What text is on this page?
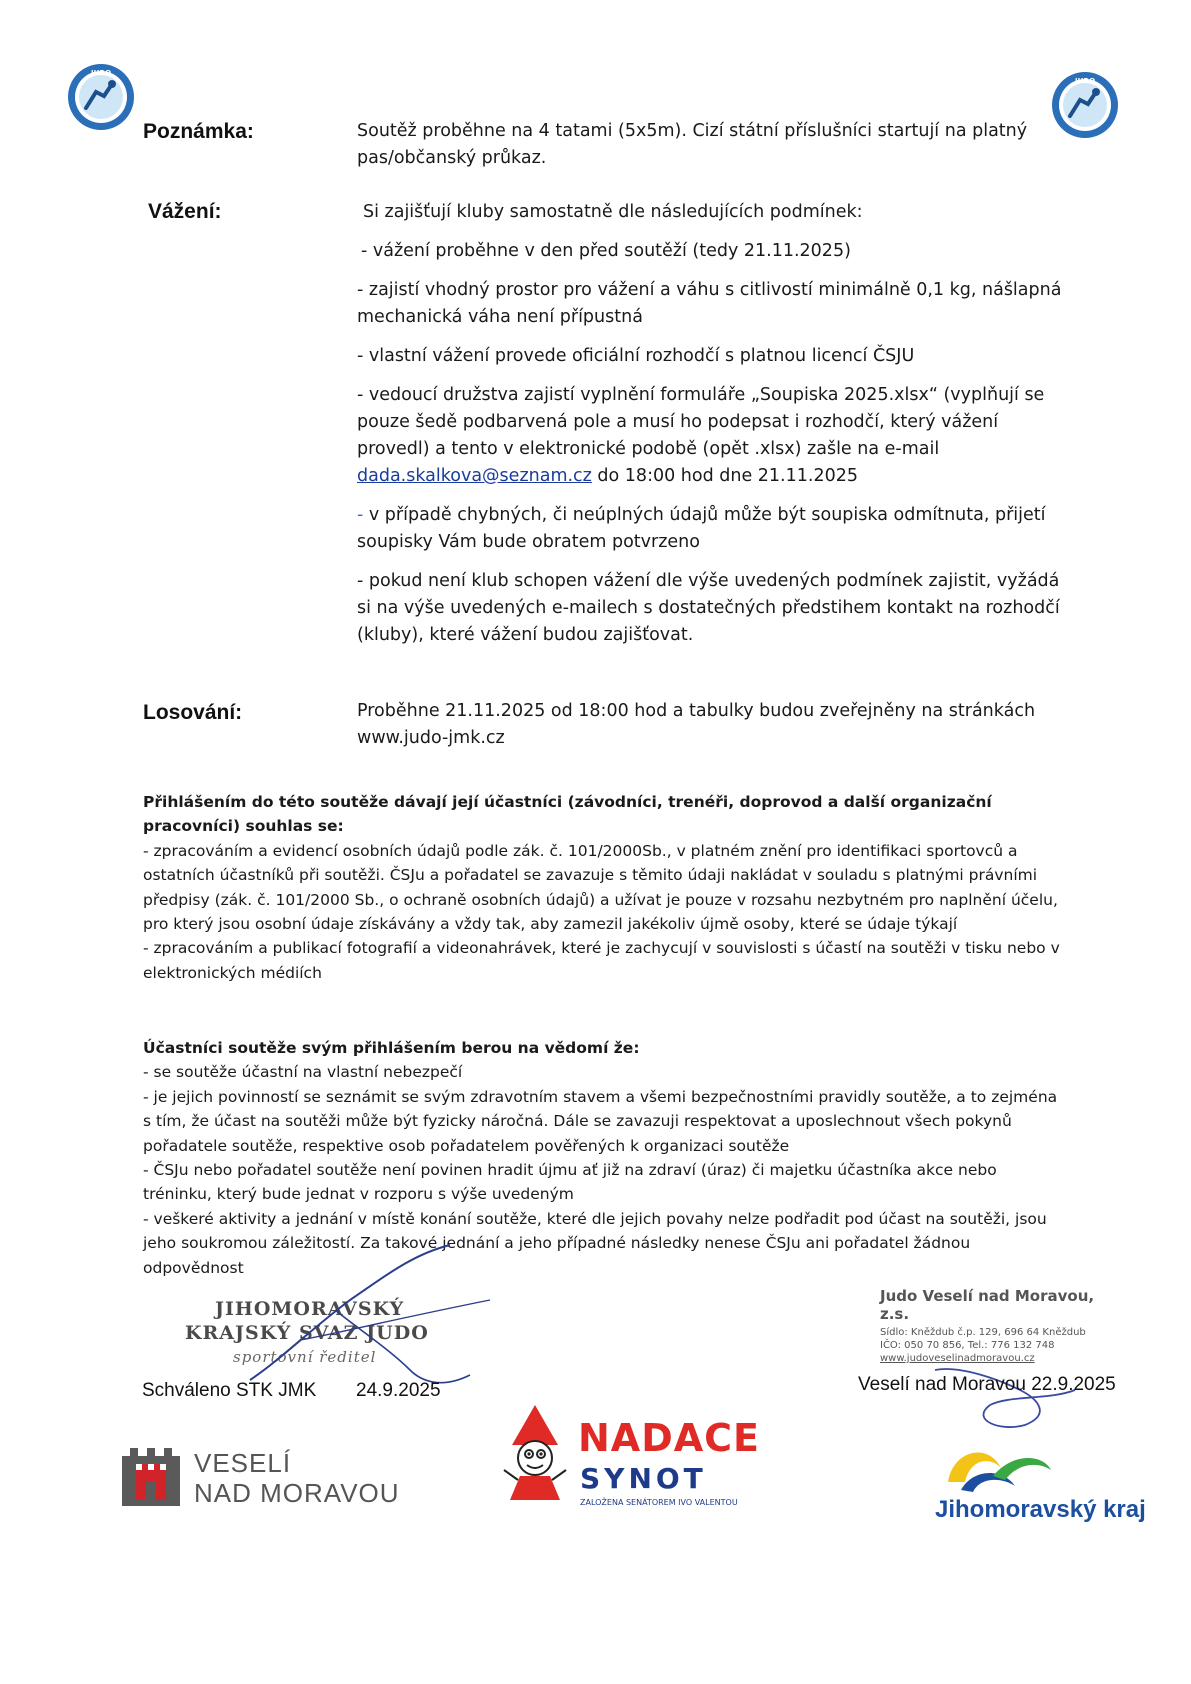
JUDO
JUDO
Poznámka:	Soutěž proběhne na 4 tatami (5x5m). Cizí státní příslušníci startují na platný pas/občanský průkaz.
Vážení:	Si zajišťují kluby samostatně dle následujících podmínek:

- vážení proběhne v den před soutěží (tedy 21.11.2025)

- zajistí vhodný prostor pro vážení a váhu s citlivostí minimálně 0,1 kg, nášlapná mechanická váha není přípustná

- vlastní vážení provede oficiální rozhodčí s platnou licencí ČSJU

- vedoucí družstva zajistí vyplnění formuláře „Soupiska 2025.xlsx“ (vyplňují se pouze šedě podbarvená pole a musí ho podepsat i rozhodčí, který vážení provedl) a tento v elektronické podobě (opět .xlsx) zašle na e-mail dada.skalkova@seznam.cz do 18:00 hod dne 21.11.2025

- v případě chybných, či neúplných údajů může být soupiska odmítnuta, přijetí soupisky Vám bude obratem potvrzeno

- pokud není klub schopen vážení dle výše uvedených podmínek zajistit, vyžádá si na výše uvedených e-mailech s dostatečných předstihem kontakt na rozhodčí (kluby), které vážení budou zajišťovat.

Losování:	Proběhne 21.11.2025 od 18:00 hod a tabulky budou zveřejněny na stránkách
www.judo-jmk.cz
Přihlášením do této soutěže dávají její účastníci (závodníci, trenéři, doprovod a další organizační pracovníci) souhlas se:
- zpracováním a evidencí osobních údajů podle zák. č. 101/2000Sb., v platném znění pro identifikaci sportovců a ostatních účastníků při soutěži. ČSJu a pořadatel se zavazuje s těmito údaji nakládat v souladu s platnými právními předpisy (zák. č. 101/2000 Sb., o ochraně osobních údajů) a užívat je pouze v rozsahu nezbytném pro naplnění účelu, pro který jsou osobní údaje získávány a vždy tak, aby zamezil jakékoliv újmě osoby, které se údaje týkají
- zpracováním a publikací fotografií a videonahrávek, které je zachycují v souvislosti s účastí na soutěži v tisku nebo v elektronických médiích
Účastníci soutěže svým přihlášením berou na vědomí že:
- se soutěže účastní na vlastní nebezpečí
- je jejich povinností se seznámit se svým zdravotním stavem a všemi bezpečnostními pravidly soutěže, a to zejména s tím, že účast na soutěži může být fyzicky náročná. Dále se zavazuji respektovat a uposlechnout všech pokynů pořadatele soutěže, respektive osob pořadatelem pověřených k organizaci soutěže
- ČSJu nebo pořadatel soutěže není povinen hradit újmu ať již na zdraví (úraz) či majetku účastníka akce nebo tréninku, který bude jednat v rozporu s výše uvedeným
- veškeré aktivity a jednání v místě konání soutěže, které dle jejich povahy nelze podřadit pod účast na soutěži, jsou jeho soukromou záležitostí. Za takové jednání a jeho případné následky nenese ČSJu ani pořadatel žádnou odpovědnost
JIHOMORAVSKÝ
KRAJSKÝ SVAZ JUDO
sportovní ředitel
Judo Veselí nad Moravou, z.s.
Sídlo: Kněždub č.p. 129, 696 64 Kněždub
IČO: 050 70 856, Tel.: 776 132 748
www.judoveselinadmoravou.cz
Schváleno STK JMK 24.9.2025	Veselí nad Moravou 22.9.2025
VESELÍ
NAD MORAVOU
NADACE
SYNOT
ZALOŽENA SENÁTOREM IVO VALENTOU	Jihomoravský kraj
